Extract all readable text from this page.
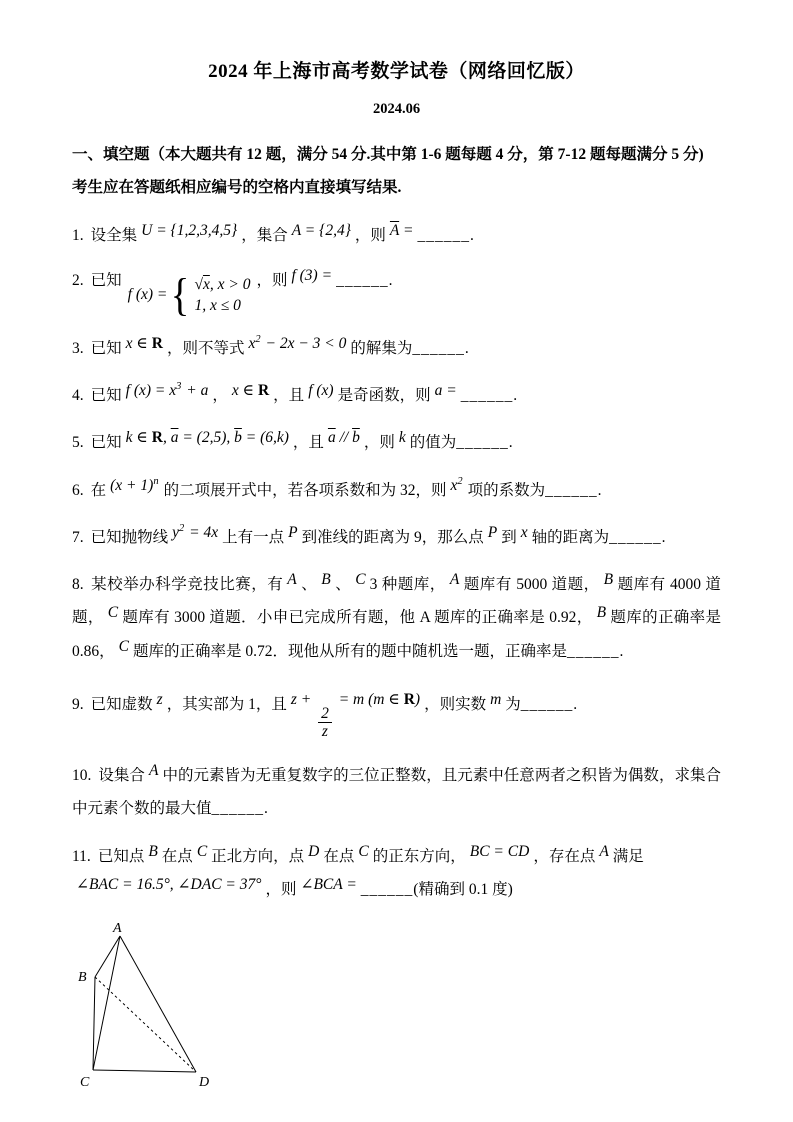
2024 年上海市高考数学试卷（网络回忆版）
2024.06
一、填空题（本大题共有 12 题，满分 54 分.其中第 1-6 题每题 4 分，第 7-12 题每题满分 5 分)
考生应在答题纸相应编号的空格内直接填写结果.

1. 设全集 U = {1,2,3,4,5} ，集合 A = {2,4} ，则 $\overline{A}$ = ______.

2. 已知
f (x) = { √x, x > 0
1, x ≤ 0
，则 f (3) = ______.

3. 已知 x ∈ R ，则不等式 $x^2 - 2x - 3 < 0$ 的解集为______.

4. 已知 f $(x) = x^3 + a$ ， x ∈ R ，且 f (x) 是奇函数，则 a = ______.

5. 已知 k ∈ R, $\overline{a} = (2,5)$, $\overline{b} = (6,k)$ ，且 $\overline{a} // \overline{b}$ ，则 k 的值为______.

6. 在 $(x + 1)^n$的二项展开式中，若各项系数和为 32，则 $x^2$项的系数为______.

7. 已知抛物线 $y^2 = 4x$ 上有一点 P 到准线的距离为 9，那么点 P 到 x 轴的距离为______.

8. 某校举办科学竞技比赛，有 A 、 B 、 C 3 种题库， A 题库有 5000 道题， B 题库有 4000 道题， C 题库有 3000 道题．小申已完成所有题，他 A 题库的正确率是 0.92， B 题库的正确率是 0.86， C 题库的正确率是 0.72．现他从所有的题中随机选一题，正确率是______.

9. 已知虚数 z ，其实部为 1，且 z +
$\frac{2}{z}$
= m (m ∈ R) ，则实数 m 为______.

10. 设集合 A 中的元素皆为无重复数字的三位正整数，且元素中任意两者之积皆为偶数，求集合中元素个数的最大值______.

11. 已知点 B 在点 C 正北方向，点 D 在点 C 的正东方向， BC = CD ，存在点 A 满足
∠BAC = 16.5°, ∠DAC = 37° ，则 ∠BCA = ______(精确到 0.1 度)

A
B
C	D
